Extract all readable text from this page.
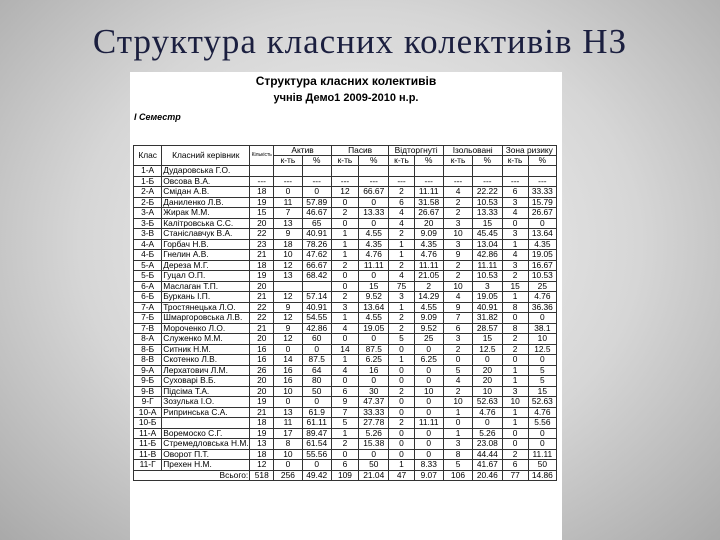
Структура класних колективів НЗ
Структура класних колективів
учнів Демо1 2009-2010 н.р.
І Семестр
Клас	Класний керівник	Кількість	Актив		Пасив		Відторгнуті		Ізольовані		Зона ризику	
			к-ть	%	к-ть	%	к-ть	%	к-ть	%	к-ть	%
1-А	Дударовська Г.О.											
1-Б	Овсова В.А.	---	---	---	---	---	---	---	---	---	---	---
2-А	Смідан А.В.	18	0	0	12	66.67	2	11.11	4	22.22	6	33.33
2-Б	Даниленко Л.В.	19	11	57.89	0	0	6	31.58	2	10.53	3	15.79
3-А	Жирак М.М.	15	7	46.67	2	13.33	4	26.67	2	13.33	4	26.67
3-Б	Калітровська С.С.	20	13	65	0	0	4	20	3	15	0	0
3-В	Станіславчук В.А.	22	9	40.91	1	4.55	2	9.09	10	45.45	3	13.64
4-А	Горбач Н.В.	23	18	78.26	1	4.35	1	4.35	3	13.04	1	4.35
4-Б	Гнелин А.В.	21	10	47.62	1	4.76	1	4.76	9	42.86	4	19.05
5-А	Дереза М.Г.	18	12	66.67	2	11.11	2	11.11	2	11.11	3	16.67
5-Б	Гуцал О.П.	19	13	68.42	0	0	4	21.05	2	10.53	2	10.53
6-А	Маслаган Т.П.	20			0	15	75	2	10	3	15	25
6-Б	Буркань І.П.	21	12	57.14	2	9.52	3	14.29	4	19.05	1	4.76
7-А	Тростянецька Л.О.	22	9	40.91	3	13.64	1	4.55	9	40.91	8	36.36
7-Б	Шмаргоровська Л.В.	22	12	54.55	1	4.55	2	9.09	7	31.82	0	0
7-В	Мороченко Л.О.	21	9	42.86	4	19.05	2	9.52	6	28.57	8	38.1
8-А	Служенко М.М.	20	12	60	0	0	5	25	3	15	2	10
8-Б	Ситник Н.М.	16	0	0	14	87.5	0	0	2	12.5	2	12.5
8-В	Скотенко Л.В.	16	14	87.5	1	6.25	1	6.25	0	0	0	0
9-А	Лерхатович Л.М.	26	16	64	4	16	0	0	5	20	1	5
9-Б	Суховарі В.Б.	20	16	80	0	0	0	0	4	20	1	5
9-В	Підсіма Т.А.	20	10	50	6	30	2	10	2	10	3	15
9-Г	Зозулька І.О.	19	0	0	9	47.37	0	0	10	52.63	10	52.63
10-А	Рипринська С.А.	21	13	61.9	7	33.33	0	0	1	4.76	1	4.76
10-Б		18	11	61.11	5	27.78	2	11.11	0	0	1	5.56
11-А	Воремоско С.Г.	19	17	89.47	1	5.26	0	0	1	5.26	0	0
11-Б	Стремедловська Н.М.	13	8	61.54	2	15.38	0	0	3	23.08	0	0
11-В	Оворот П.Т.	18	10	55.56	0	0	0	0	8	44.44	2	11.11
11-Г	Прехен Н.М.	12	0	0	6	50	1	8.33	5	41.67	6	50
Всього:		518	256	49.42	109	21.04	47	9.07	106	20.46	77	14.86
